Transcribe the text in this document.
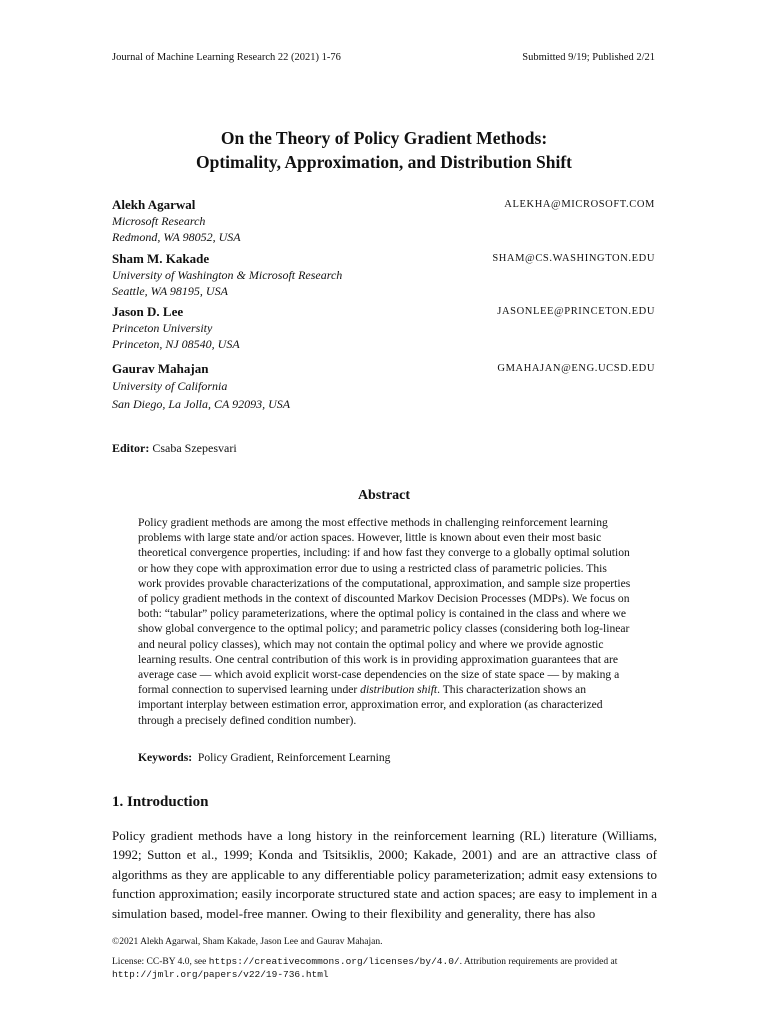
Journal of Machine Learning Research 22 (2021) 1-76	Submitted 9/19; Published 2/21
On the Theory of Policy Gradient Methods:
Optimality, Approximation, and Distribution Shift
Alekh Agarwal	ALEKHA@MICROSOFT.COM
Microsoft Research
Redmond, WA 98052, USA
Sham M. Kakade	SHAM@CS.WASHINGTON.EDU
University of Washington & Microsoft Research
Seattle, WA 98195, USA
Jason D. Lee	JASONLEE@PRINCETON.EDU
Princeton University
Princeton, NJ 08540, USA
Gaurav Mahajan	GMAHAJAN@ENG.UCSD.EDU
University of California
San Diego, La Jolla, CA 92093, USA
Editor: Csaba Szepesvari
Abstract

Policy gradient methods are among the most effective methods in challenging reinforcement learning problems with large state and/or action spaces. However, little is known about even their most basic theoretical convergence properties, including: if and how fast they converge to a globally optimal solution or how they cope with approximation error due to using a restricted class of parametric policies. This work provides provable characterizations of the computational, approximation, and sample size properties of policy gradient methods in the context of discounted Markov Decision Processes (MDPs). We focus on both: “tabular” policy parameterizations, where the optimal policy is contained in the class and where we show global convergence to the optimal policy; and parametric policy classes (considering both log-linear and neural policy classes), which may not contain the optimal policy and where we provide agnostic learning results. One central contribution of this work is in providing approximation guarantees that are average case — which avoid explicit worst-case dependencies on the size of state space — by making a formal connection to supervised learning under distribution shift. This characterization shows an important interplay between estimation error, approximation error, and exploration (as characterized through a precisely defined condition number).

Keywords: Policy Gradient, Reinforcement Learning
1. Introduction

Policy gradient methods have a long history in the reinforcement learning (RL) literature (Williams, 1992; Sutton et al., 1999; Konda and Tsitsiklis, 2000; Kakade, 2001) and are an attractive class of algorithms as they are applicable to any differentiable policy parameterization; admit easy extensions to function approximation; easily incorporate structured state and action spaces; are easy to implement in a simulation based, model-free manner. Owing to their flexibility and generality, there has also

©2021 Alekh Agarwal, Sham Kakade, Jason Lee and Gaurav Mahajan.
License: CC-BY 4.0, see https://creativecommons.org/licenses/by/4.0/. Attribution requirements are provided at
http://jmlr.org/papers/v22/19-736.html
